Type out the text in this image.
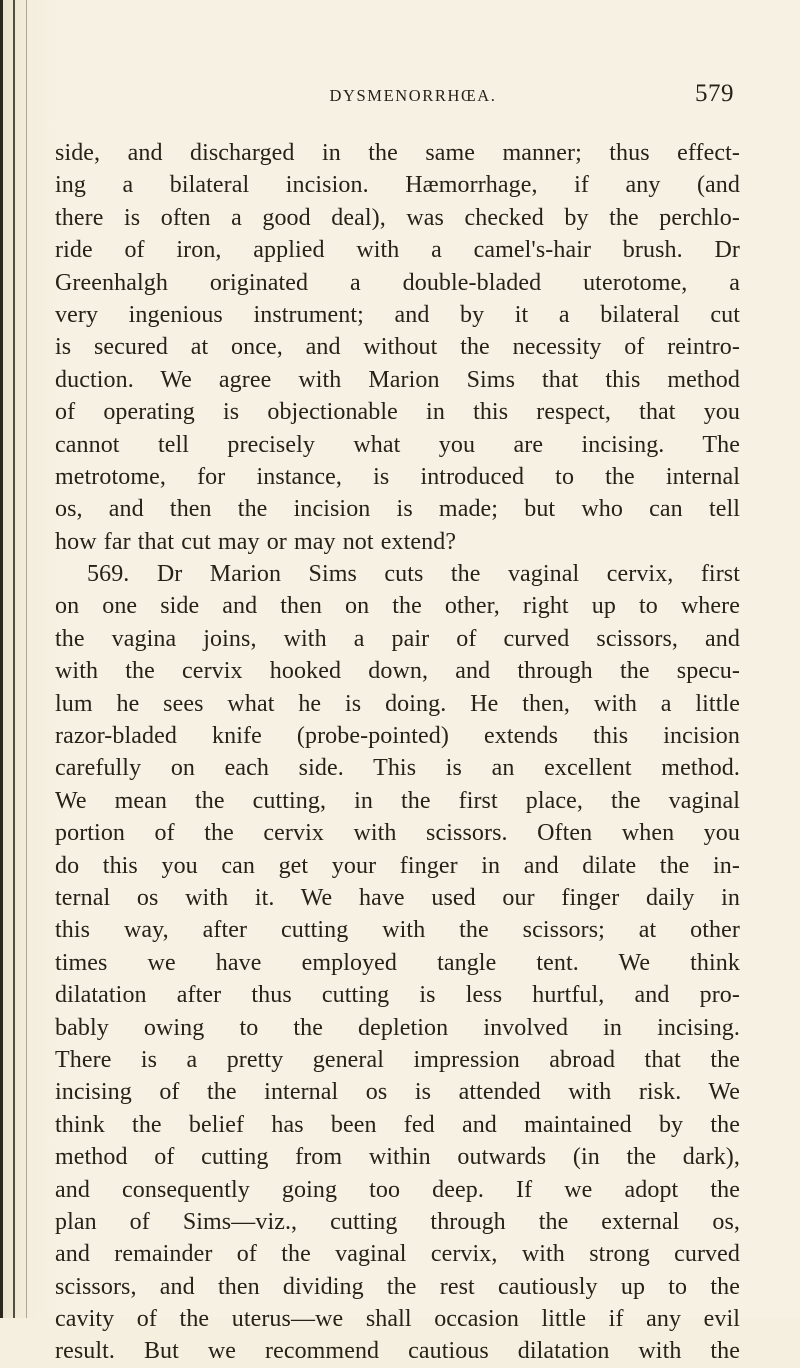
DYSMENORRHŒA.	579
side, and discharged in the same manner; thus effect-
ing a bilateral incision. Hæmorrhage, if any (and
there is often a good deal), was checked by the perchlo-
ride of iron, applied with a camel's-hair brush. Dr
Greenhalgh originated a double-bladed uterotome, a
very ingenious instrument; and by it a bilateral cut
is secured at once, and without the necessity of reintro-
duction. We agree with Marion Sims that this method
of operating is objectionable in this respect, that you
cannot tell precisely what you are incising. The
metrotome, for instance, is introduced to the internal
os, and then the incision is made; but who can tell
how far that cut may or may not extend?
569. Dr Marion Sims cuts the vaginal cervix, first
on one side and then on the other, right up to where
the vagina joins, with a pair of curved scissors, and
with the cervix hooked down, and through the specu-
lum he sees what he is doing. He then, with a little
razor-bladed knife (probe-pointed) extends this incision
carefully on each side. This is an excellent method.
We mean the cutting, in the first place, the vaginal
portion of the cervix with scissors. Often when you
do this you can get your finger in and dilate the in-
ternal os with it. We have used our finger daily in
this way, after cutting with the scissors; at other
times we have employed tangle tent. We think
dilatation after thus cutting is less hurtful, and pro-
bably owing to the depletion involved in incising.
There is a pretty general impression abroad that the
incising of the internal os is attended with risk. We
think the belief has been fed and maintained by the
method of cutting from within outwards (in the dark),
and consequently going too deep. If we adopt the
plan of Sims—viz., cutting through the external os,
and remainder of the vaginal cervix, with strong curved
scissors, and then dividing the rest cautiously up to the
cavity of the uterus—we shall occasion little if any evil
result. But we recommend cautious dilatation with the
